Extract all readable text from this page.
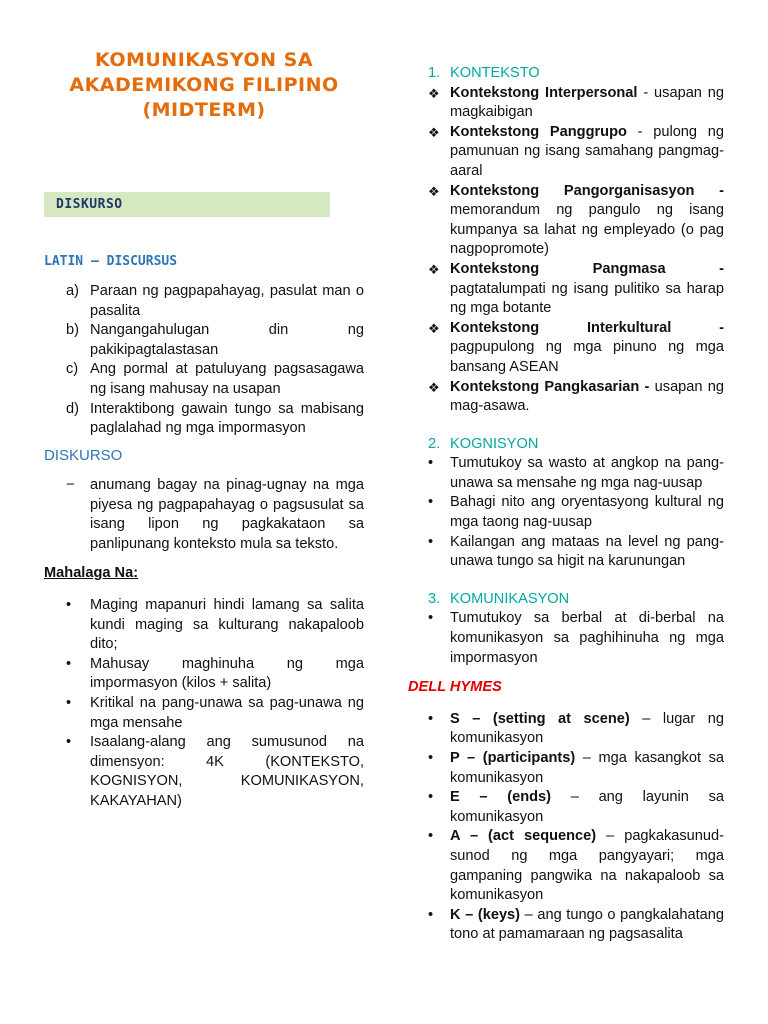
KOMUNIKASYON SA
AKADEMIKONG FILIPINO
(MIDTERM)
DISKURSO
LATIN – DISCURSUS
a) Paraan ng pagpapahayag, pasulat man o pasalita
b) Nangangahulugan din ng pakikipagtalastasan
c) Ang pormal at patuluyang pagsasagawa ng isang mahusay na usapan
d) Interaktibong gawain tungo sa mabisang paglalahad ng mga impormasyon
DISKURSO
−	anumang bagay na pinag-ugnay na mga piyesa ng pagpapahayag o pagsusulat sa isang lipon ng pagkakataon sa panlipunang konteksto mula sa teksto.
Mahalaga Na:
•	Maging mapanuri hindi lamang sa salita kundi maging sa kulturang nakapaloob dito;
•	Mahusay maghinuha ng mga impormasyon (kilos + salita)
•	Kritikal na pang-unawa sa pag-unawa ng mga mensahe
•	Isaalang-alang ang sumusunod na dimensyon: 4K (KONTEKSTO, KOGNISYON, KOMUNIKASYON, KAKAYAHAN)
1. KONTEKSTO
❖ Kontekstong Interpersonal - usapan ng magkaibigan
❖ Kontekstong Panggrupo - pulong ng pamunuan ng isang samahang pangmag-aaral
❖ Kontekstong Pangorganisasyon - memorandum ng pangulo ng isang kumpanya sa lahat ng empleyado (o pag nagpopromote)
❖ Kontekstong Pangmasa - pagtatalumpati ng isang pulitiko sa harap ng mga botante
❖ Kontekstong Interkultural - pagpupulong ng mga pinuno ng mga bansang ASEAN
❖ Kontekstong Pangkasarian - usapan ng mag-asawa.
2. KOGNISYON
•	Tumutukoy sa wasto at angkop na pang-unawa sa mensahe ng mga nag-uusap
•	Bahagi nito ang oryentasyong kultural ng mga taong nag-uusap
•	Kailangan ang mataas na level ng pang-unawa tungo sa higit na karunungan
3. KOMUNIKASYON
•	Tumutukoy sa berbal at di-berbal na komunikasyon sa paghihinuha ng mga impormasyon
DELL HYMES
•	S – (setting at scene) – lugar ng komunikasyon
•	P – (participants) – mga kasangkot sa komunikasyon
•	E – (ends) – ang layunin sa komunikasyon
•	A – (act sequence) – pagkakasunud-sunod ng mga pangyayari; mga gampaning pangwika na nakapaloob sa komunikasyon
•	K – (keys) – ang tungo o pangkalahatang tono at pamamaraan ng pagsasalita
